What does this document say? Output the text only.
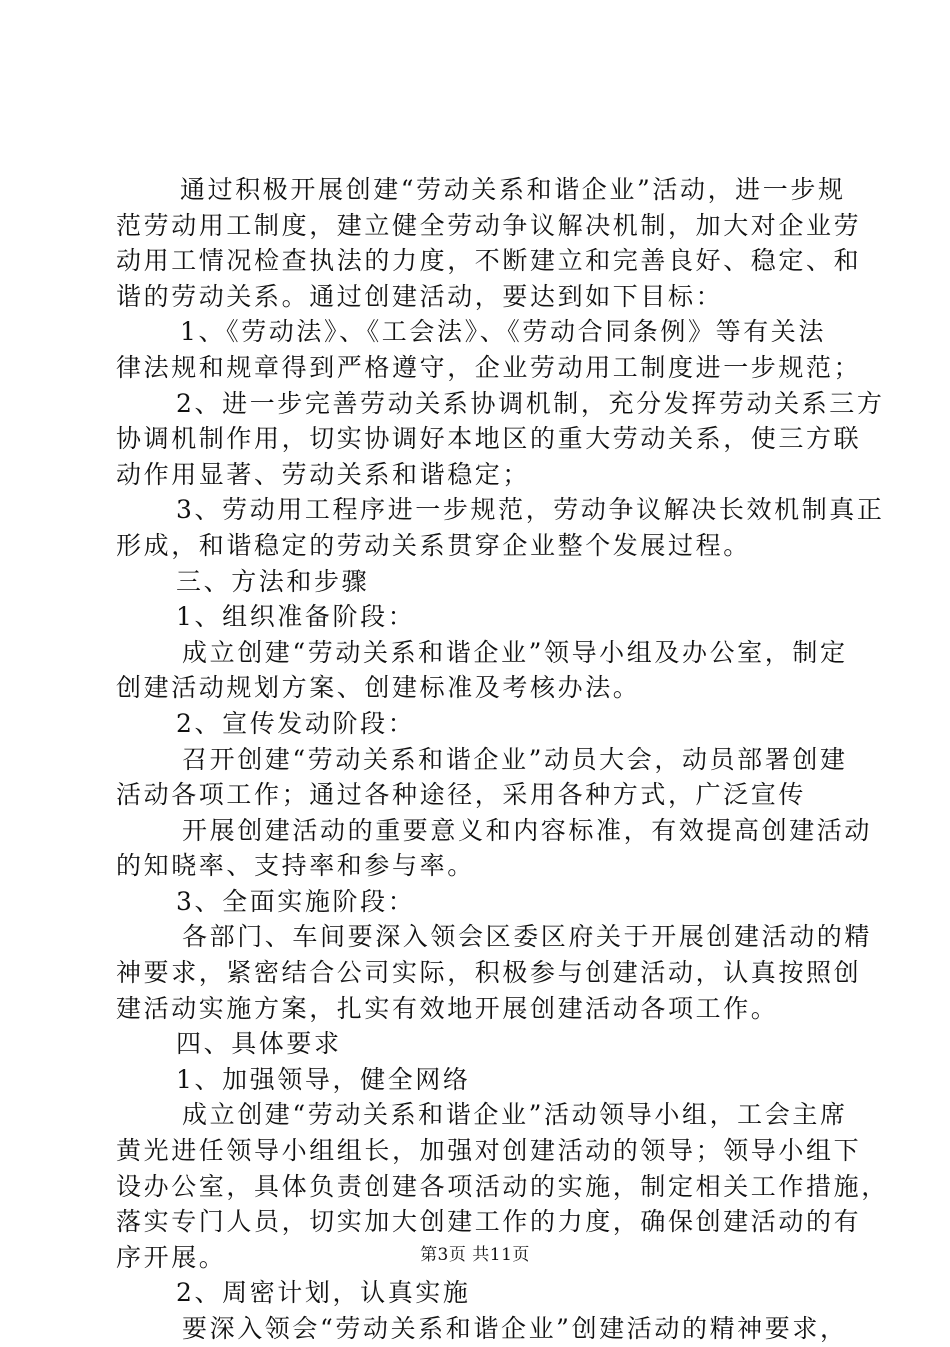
通过积极开展创建“劳动关系和谐企业”活动，进一步规
范劳动用工制度，建立健全劳动争议解决机制，加大对企业劳
动用工情况检查执法的力度，不断建立和完善良好、稳定、和
谐的劳动关系。通过创建活动，要达到如下目标：
1、《劳动法》、《工会法》、《劳动合同条例》等有关法
律法规和规章得到严格遵守，企业劳动用工制度进一步规范；
2、进一步完善劳动关系协调机制，充分发挥劳动关系三方
协调机制作用，切实协调好本地区的重大劳动关系，使三方联
动作用显著、劳动关系和谐稳定；
3、劳动用工程序进一步规范，劳动争议解决长效机制真正
形成，和谐稳定的劳动关系贯穿企业整个发展过程。
三、方法和步骤
1、组织准备阶段：
成立创建“劳动关系和谐企业”领导小组及办公室，制定
创建活动规划方案、创建标准及考核办法。
2、宣传发动阶段：
召开创建“劳动关系和谐企业”动员大会，动员部署创建
活动各项工作；通过各种途径，采用各种方式，广泛宣传
开展创建活动的重要意义和内容标准，有效提高创建活动
的知晓率、支持率和参与率。
3、全面实施阶段：
各部门、车间要深入领会区委区府关于开展创建活动的精
神要求，紧密结合公司实际，积极参与创建活动，认真按照创
建活动实施方案，扎实有效地开展创建活动各项工作。
四、具体要求
1、加强领导，健全网络
成立创建“劳动关系和谐企业”活动领导小组，工会主席
黄光进任领导小组组长，加强对创建活动的领导；领导小组下
设办公室，具体负责创建各项活动的实施，制定相关工作措施，
落实专门人员，切实加大创建工作的力度，确保创建活动的有
序开展。
2、周密计划，认真实施
要深入领会“劳动关系和谐企业”创建活动的精神要求，
第3页 共11页
